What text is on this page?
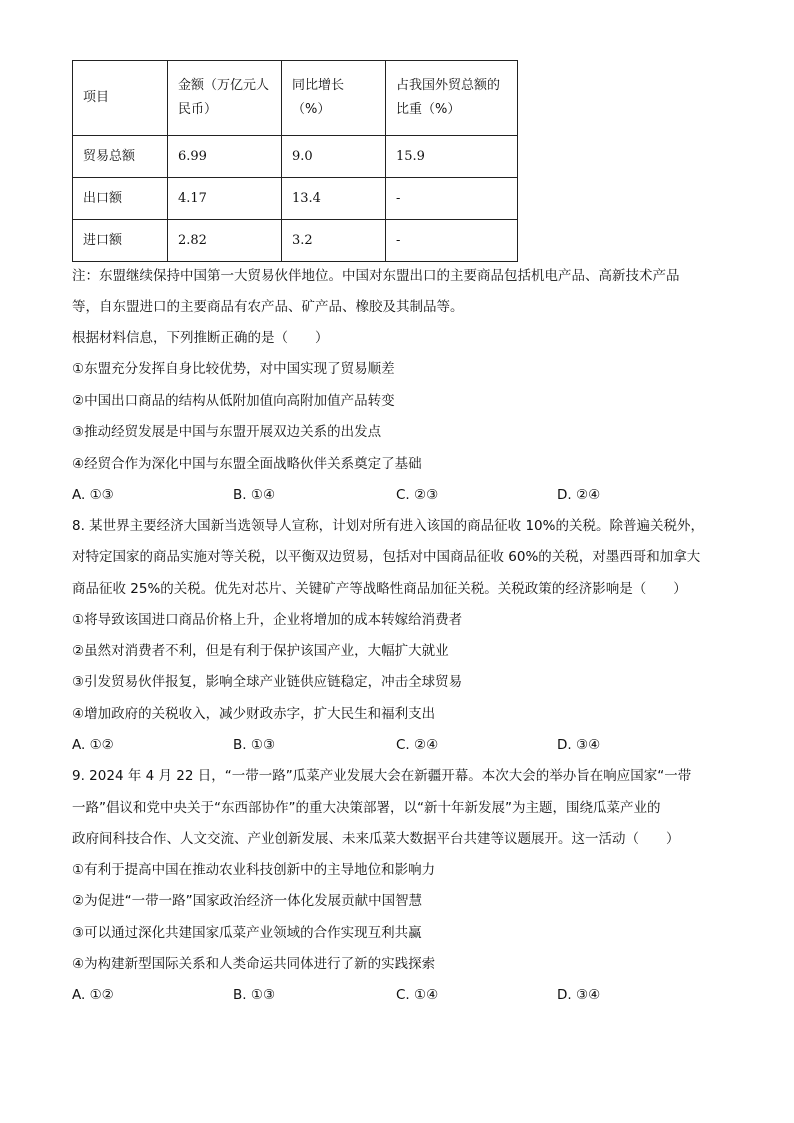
项目	金额（万亿元人民币）	同比增长（%）	占我国外贸总额的比重（%）
贸易总额	6.99	9.0	15.9
出口额	4.17	13.4	-
进口额	2.82	3.2	-
注：东盟继续保持中国第一大贸易伙伴地位。中国对东盟出口的主要商品包括机电产品、高新技术产品
等，自东盟进口的主要商品有农产品、矿产品、橡胶及其制品等。
根据材料信息，下列推断正确的是（　　）
①东盟充分发挥自身比较优势，对中国实现了贸易顺差
②中国出口商品的结构从低附加值向高附加值产品转变
③推动经贸发展是中国与东盟开展双边关系的出发点
④经贸合作为深化中国与东盟全面战略伙伴关系奠定了基础
A. ①③	B. ①④	C. ②③	D. ②④
8. 某世界主要经济大国新当选领导人宣称，计划对所有进入该国的商品征收 10%的关税。除普遍关税外，
对特定国家的商品实施对等关税，以平衡双边贸易，包括对中国商品征收 60%的关税，对墨西哥和加拿大
商品征收 25%的关税。优先对芯片、关键矿产等战略性商品加征关税。关税政策的经济影响是（　　）
①将导致该国进口商品价格上升，企业将增加的成本转嫁给消费者
②虽然对消费者不利，但是有利于保护该国产业，大幅扩大就业
③引发贸易伙伴报复，影响全球产业链供应链稳定，冲击全球贸易
④增加政府的关税收入，减少财政赤字，扩大民生和福利支出
A. ①②	B. ①③	C. ②④	D. ③④
9. 2024 年 4 月 22 日，“一带一路”瓜菜产业发展大会在新疆开幕。本次大会的举办旨在响应国家“一带
一路”倡议和党中央关于“东西部协作”的重大决策部署，以“新十年新发展”为主题，围绕瓜菜产业的
政府间科技合作、人文交流、产业创新发展、未来瓜菜大数据平台共建等议题展开。这一活动（　　）
①有利于提高中国在推动农业科技创新中的主导地位和影响力
②为促进“一带一路”国家政治经济一体化发展贡献中国智慧
③可以通过深化共建国家瓜菜产业领域的合作实现互利共赢
④为构建新型国际关系和人类命运共同体进行了新的实践探索
A. ①②	B. ①③	C. ①④	D. ③④
